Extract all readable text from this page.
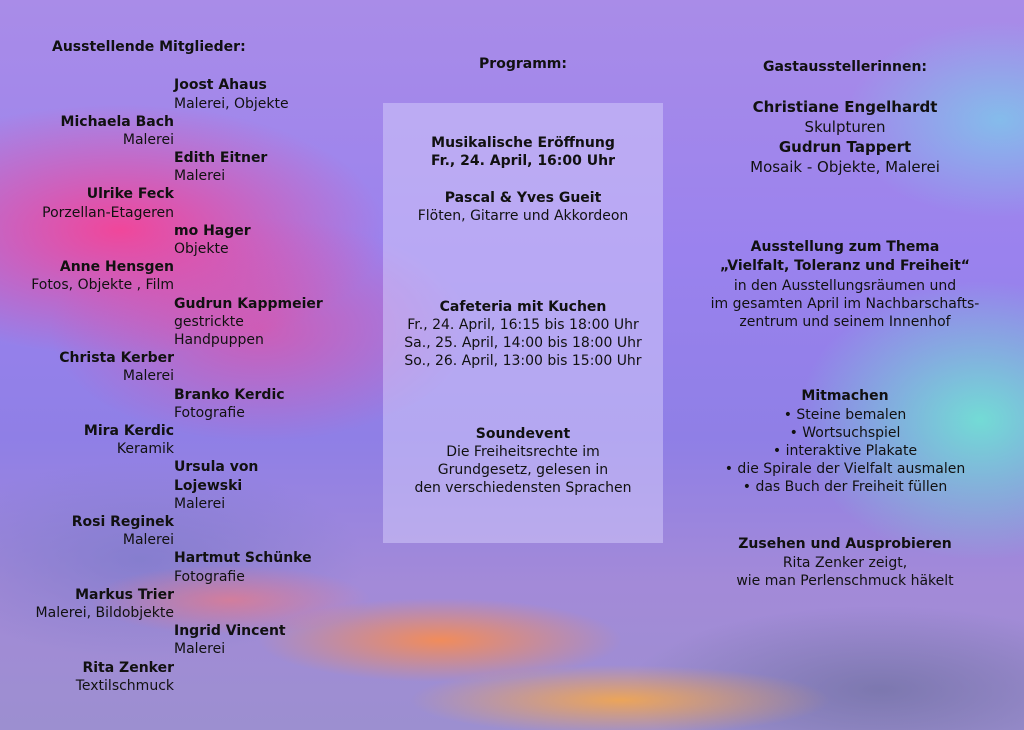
Ausstellende Mitglieder:
Joost Ahaus
Malerei, Objekte
Michaela Bach
Malerei
Edith Eitner
Malerei
Ulrike Feck
Porzellan-Etageren
mo Hager
Objekte
Anne Hensgen
Fotos, Objekte , Film
Gudrun Kappmeier
gestrickte
Handpuppen
Christa Kerber
Malerei
Branko Kerdic
Fotografie
Mira Kerdic
Keramik
Ursula von
Lojewski
Malerei
Rosi Reginek
Malerei
Hartmut Schünke
Fotografie
Markus Trier
Malerei, Bildobjekte
Ingrid Vincent
Malerei
Rita Zenker
Textilschmuck
Programm:
Musikalische Eröffnung
Fr., 24. April, 16:00 Uhr
Pascal & Yves Gueit
Flöten, Gitarre und Akkordeon
Cafeteria mit Kuchen
Fr., 24. April, 16:15 bis 18:00 Uhr
Sa., 25. April, 14:00 bis 18:00 Uhr
So., 26. April, 13:00 bis 15:00 Uhr
Soundevent
Die Freiheitsrechte im
Grundgesetz, gelesen in
den verschiedensten Sprachen
Gastausstellerinnen:
Christiane Engelhardt
Skulpturen
Gudrun Tappert
Mosaik - Objekte, Malerei
Ausstellung zum Thema
„Vielfalt, Toleranz und Freiheit“
in den Ausstellungsräumen und
im gesamten April im Nachbarschafts-
zentrum und seinem Innenhof
Mitmachen
• Steine bemalen
• Wortsuchspiel
• interaktive Plakate
• die Spirale der Vielfalt ausmalen
• das Buch der Freiheit füllen
Zusehen und Ausprobieren
Rita Zenker zeigt,
wie man Perlenschmuck häkelt
